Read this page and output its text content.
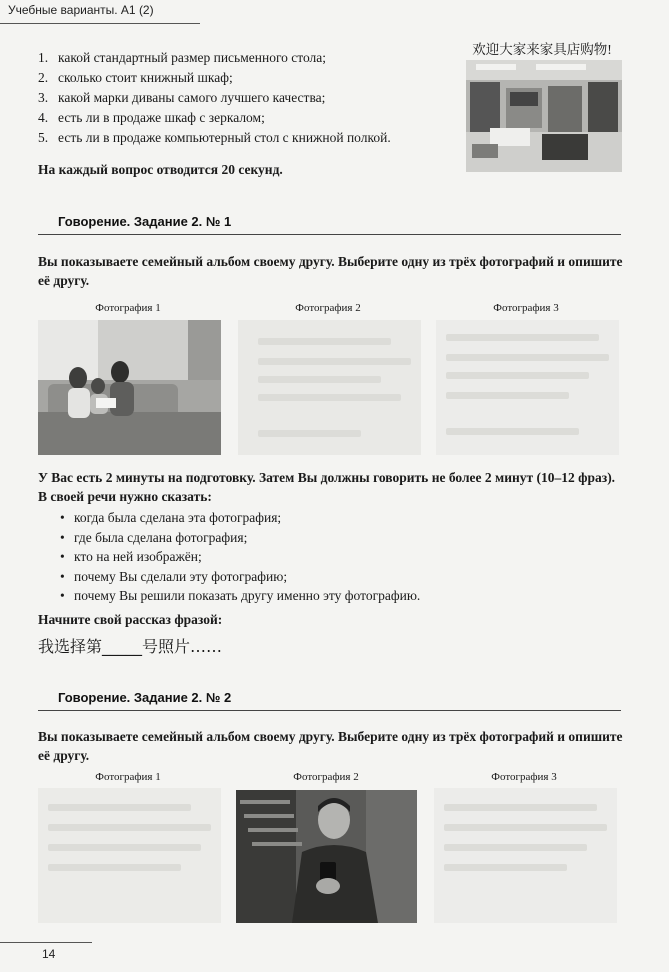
Учебные варианты. А1 (2)
1. какой стандартный размер письменного стола;
2. сколько стоит книжный шкаф;
3. какой марки диваны самого лучшего качества;
4. есть ли в продаже шкаф с зеркалом;
5. есть ли в продаже компьютерный стол с книжной полкой.
欢迎大家来家具店购物!
На каждый вопрос отводится 20 секунд.
Говорение. Задание 2. № 1
Вы показываете семейный альбом своему другу. Выберите одну из трёх фотографий и опишите её другу.
Фотография 1	Фотография 2	Фотография 3
У Вас есть 2 минуты на подготовку. Затем Вы должны говорить не более 2 минут (10–12 фраз). В своей речи нужно сказать:
• когда была сделана эта фотография;
• где была сделана фотография;
• кто на ней изображён;
• почему Вы сделали эту фотографию;
• почему Вы решили показать другу именно эту фотографию.
Начните свой рассказ фразой:
我选择第_____号照片……
Говорение. Задание 2. № 2
Вы показываете семейный альбом своему другу. Выберите одну из трёх фотографий и опишите её другу.
Фотография 1	Фотография 2	Фотография 3
14
